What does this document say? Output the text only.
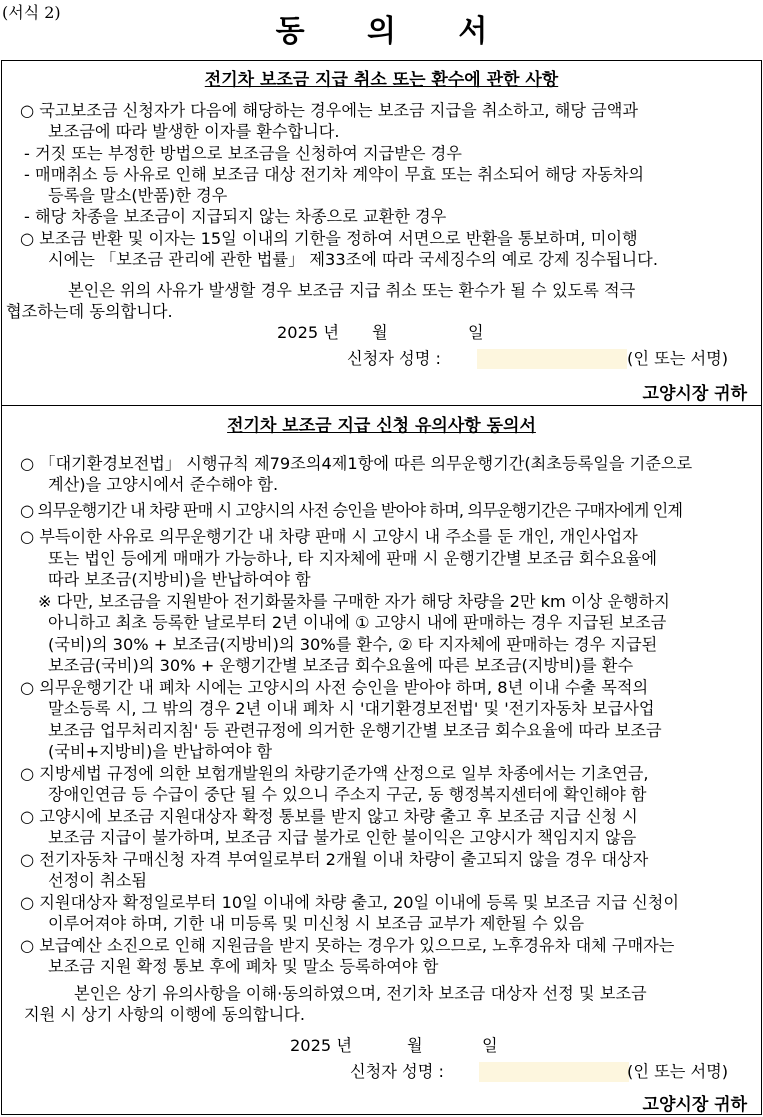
(서식 2)
동 의 서
전기차 보조금 지급 취소 또는 환수에 관한 사항
○ 국고보조금 신청자가 다음에 해당하는 경우에는 보조금 지급을 취소하고, 해당 금액과
보조금에 따라 발생한 이자를 환수합니다.
- 거짓 또는 부정한 방법으로 보조금을 신청하여 지급받은 경우
- 매매취소 등 사유로 인해 보조금 대상 전기차 계약이 무효 또는 취소되어 해당 자동차의
등록을 말소(반품)한 경우
- 해당 차종을 보조금이 지급되지 않는 차종으로 교환한 경우
○ 보조금 반환 및 이자는 15일 이내의 기한을 정하여 서면으로 반환을 통보하며, 미이행
시에는 「보조금 관리에 관한 법률」 제33조에 따라 국세징수의 예로 강제 징수됩니다.
본인은 위의 사유가 발생할 경우 보조금 지급 취소 또는 환수가 될 수 있도록 적극
협조하는데 동의합니다.
2025 년 월	일
신청자 성명 :	(인 또는 서명)
고양시장 귀하
전기차 보조금 지급 신청 유의사항 동의서
○ 「대기환경보전법」 시행규칙 제79조의4제1항에 따른 의무운행기간(최초등록일을 기준으로
계산)을 고양시에서 준수해야 함.
○ 의무운행기간 내 차량 판매 시 고양시의 사전 승인을 받아야 하며, 의무운행기간은 구매자에게 인계
○ 부득이한 사유로 의무운행기간 내 차량 판매 시 고양시 내 주소를 둔 개인, 개인사업자
또는 법인 등에게 매매가 가능하나, 타 지자체에 판매 시 운행기간별 보조금 회수요율에
따라 보조금(지방비)을 반납하여야 함
※ 다만, 보조금을 지원받아 전기화물차를 구매한 자가 해당 차량을 2만 km 이상 운행하지
아니하고 최초 등록한 날로부터 2년 이내에 ① 고양시 내에 판매하는 경우 지급된 보조금
(국비)의 30% + 보조금(지방비)의 30%를 환수, ② 타 지자체에 판매하는 경우 지급된
보조금(국비)의 30% + 운행기간별 보조금 회수요율에 따른 보조금(지방비)를 환수
○ 의무운행기간 내 폐차 시에는 고양시의 사전 승인을 받아야 하며, 8년 이내 수출 목적의
말소등록 시, 그 밖의 경우 2년 이내 폐차 시 '대기환경보전법' 및 '전기자동차 보급사업
보조금 업무처리지침' 등 관련규정에 의거한 운행기간별 보조금 회수요율에 따라 보조금
(국비+지방비)을 반납하여야 함
○ 지방세법 규정에 의한 보험개발원의 차량기준가액 산정으로 일부 차종에서는 기초연금,
장애인연금 등 수급이 중단 될 수 있으니 주소지 구군, 동 행정복지센터에 확인해야 함
○ 고양시에 보조금 지원대상자 확정 통보를 받지 않고 차량 출고 후 보조금 지급 신청 시
보조금 지급이 불가하며, 보조금 지급 불가로 인한 불이익은 고양시가 책임지지 않음
○ 전기자동차 구매신청 자격 부여일로부터 2개월 이내 차량이 출고되지 않을 경우 대상자
선정이 취소됨
○ 지원대상자 확정일로부터 10일 이내에 차량 출고, 20일 이내에 등록 및 보조금 지급 신청이
이루어져야 하며, 기한 내 미등록 및 미신청 시 보조금 교부가 제한될 수 있음
○ 보급예산 소진으로 인해 지원금을 받지 못하는 경우가 있으므로, 노후경유차 대체 구매자는
보조금 지원 확정 통보 후에 폐차 및 말소 등록하여야 함
본인은 상기 유의사항을 이해·동의하였으며, 전기차 보조금 대상자 선정 및 보조금
지원 시 상기 사항의 이행에 동의합니다.
2025 년	월	일
신청자 성명 :	(인 또는 서명)
고양시장 귀하
